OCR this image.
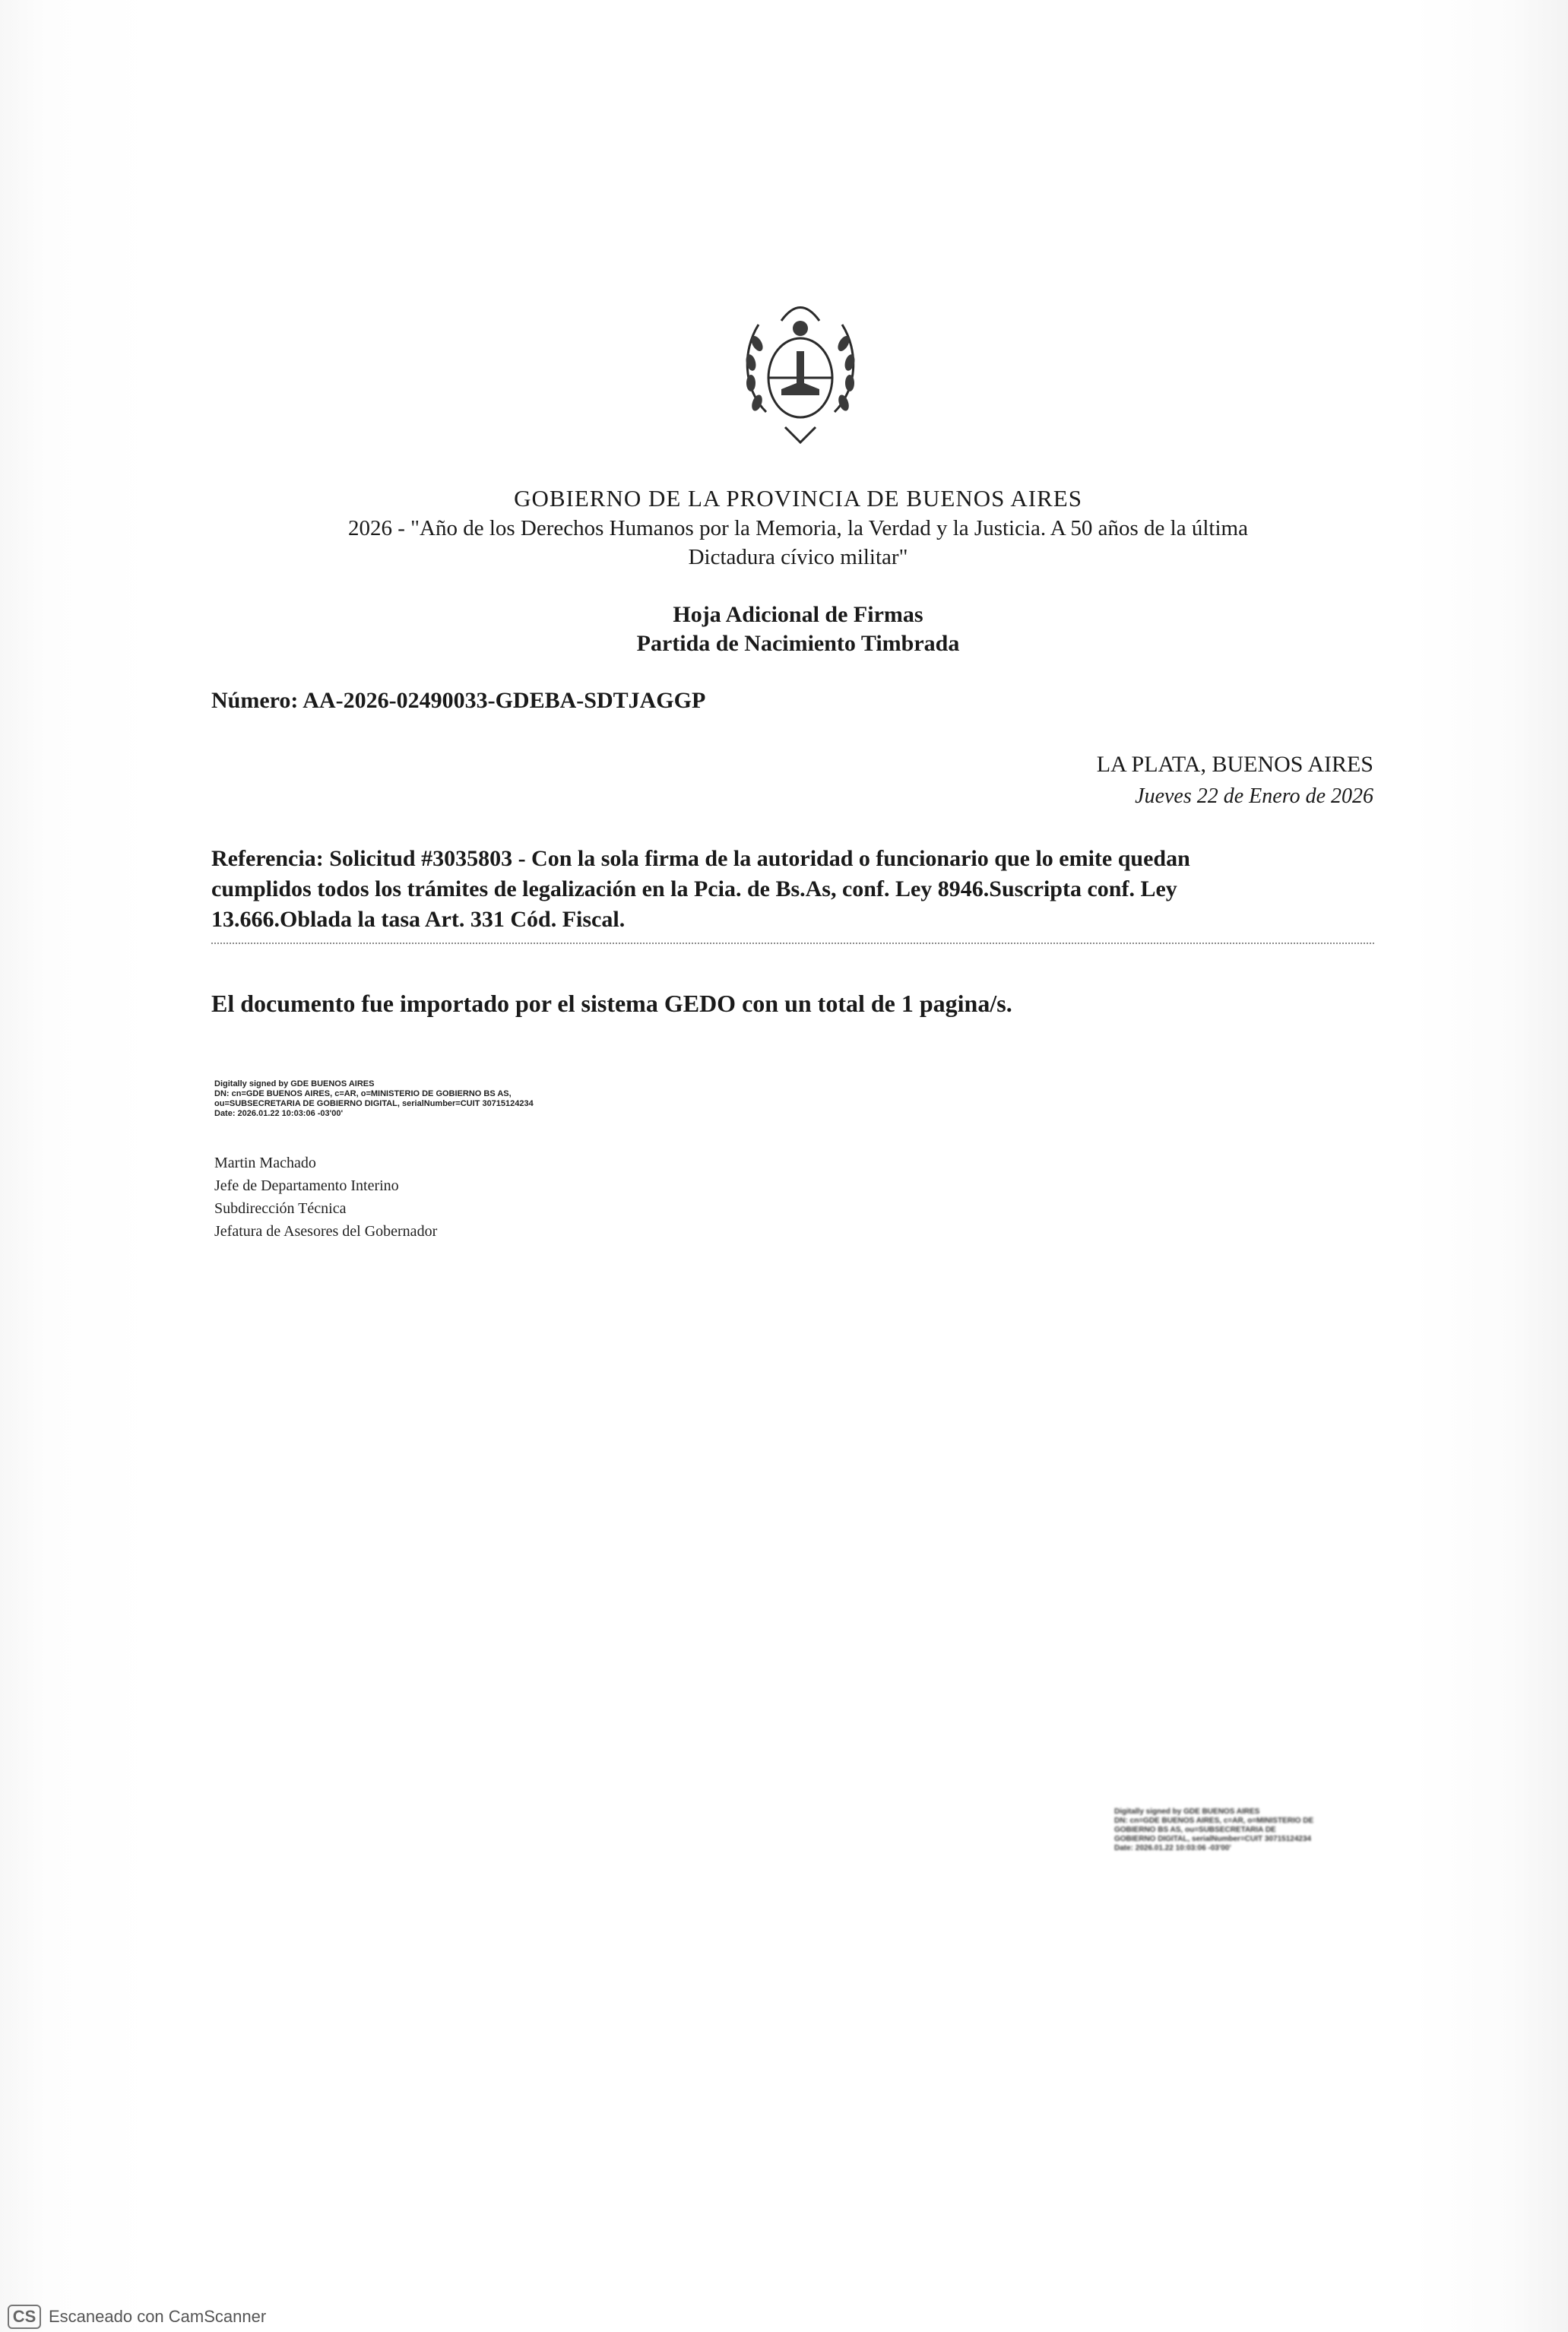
GOBIERNO DE LA PROVINCIA DE BUENOS AIRES
2026 - "Año de los Derechos Humanos por la Memoria, la Verdad y la Justicia. A 50 años de la última
Dictadura cívico militar"
Hoja Adicional de Firmas
Partida de Nacimiento Timbrada
Número: AA-2026-02490033-GDEBA-SDTJAGGP
LA PLATA, BUENOS AIRES
Jueves 22 de Enero de 2026
Referencia: Solicitud #3035803 - Con la sola firma de la autoridad o funcionario que lo emite quedan
cumplidos todos los trámites de legalización en la Pcia. de Bs.As, conf. Ley 8946.Suscripta conf. Ley
13.666.Oblada la tasa Art. 331 Cód. Fiscal.
El documento fue importado por el sistema GEDO con un total de 1 pagina/s.
Digitally signed by GDE BUENOS AIRES
DN: cn=GDE BUENOS AIRES, c=AR, o=MINISTERIO DE GOBIERNO BS AS,
ou=SUBSECRETARIA DE GOBIERNO DIGITAL, serialNumber=CUIT 30715124234
Date: 2026.01.22 10:03:06 -03'00'
Martin Machado
Jefe de Departamento Interino
Subdirección Técnica
Jefatura de Asesores del Gobernador
Digitally signed by GDE BUENOS AIRES
DN: cn=GDE BUENOS AIRES, c=AR, o=MINISTERIO DE
GOBIERNO BS AS, ou=SUBSECRETARIA DE
GOBIERNO DIGITAL, serialNumber=CUIT 30715124234
Date: 2026.01.22 10:03:06 -03'00'
CS Escaneado con CamScanner
